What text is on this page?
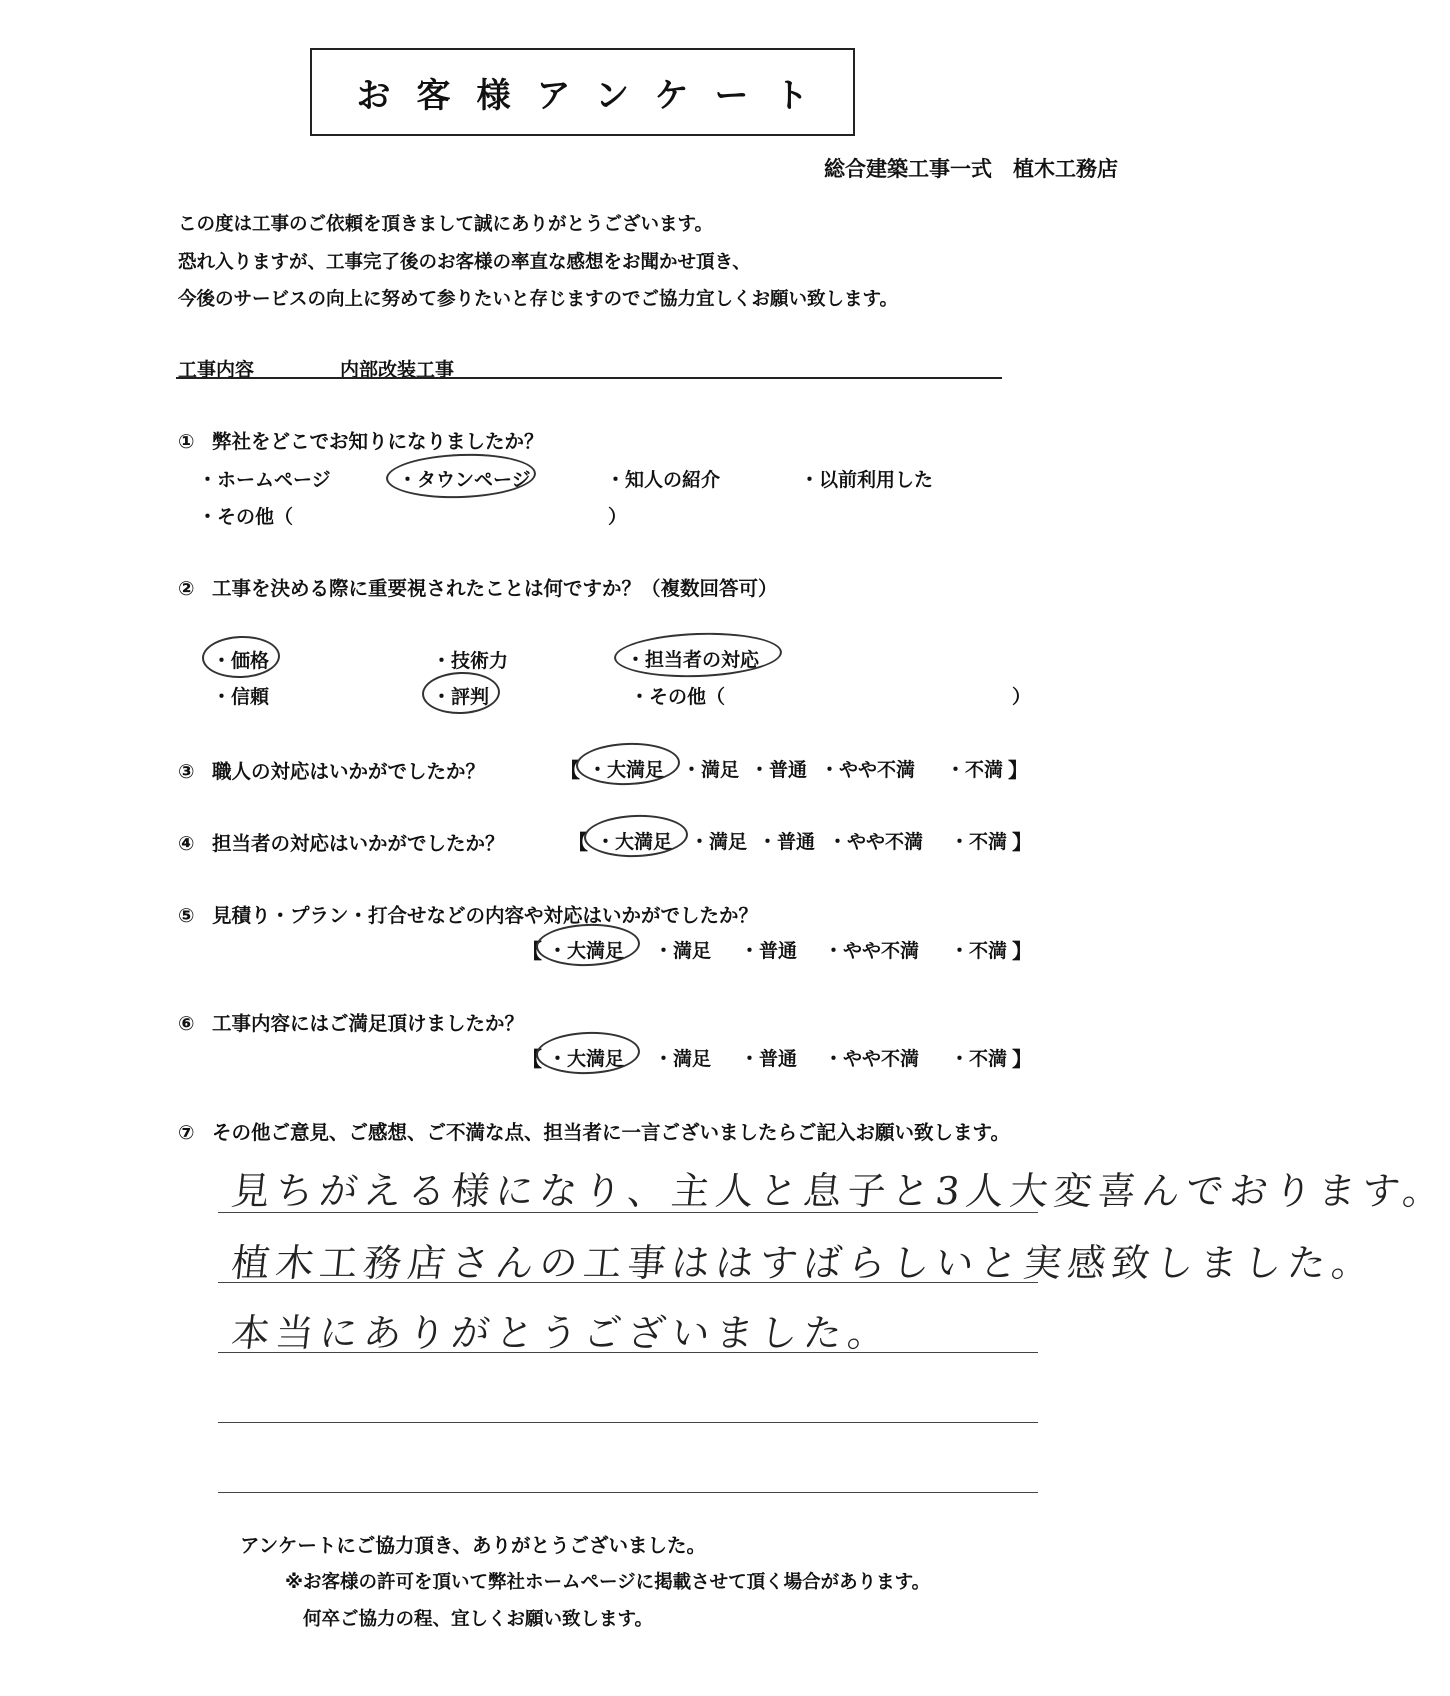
お客様アンケート
総合建築工事一式　植木工務店
この度は工事のご依頼を頂きまして誠にありがとうございます。
恐れ入りますが、工事完了後のお客様の率直な感想をお聞かせ頂き、
今後のサービスの向上に努めて参りたいと存じますのでご協力宜しくお願い致します。
工事内容	内部改装工事
① 弊社をどこでお知りになりましたか？
・ホームページ	・タウンページ	・知人の紹介	・以前利用した
・その他（	）
② 工事を決める際に重要視されたことは何ですか？（複数回答可）
・価格	・技術力	・担当者の対応
・信頼	・評判	・その他（	）
③ 職人の対応はいかがでしたか？	【 ・大満足 ・満足 ・普通 ・やや不満 ・不満 】
④ 担当者の対応はいかがでしたか？	【 ・大満足 ・満足 ・普通 ・やや不満 ・不満 】
⑤ 見積り・プラン・打合せなどの内容や対応はいかがでしたか？
【 ・大満足 ・満足 ・普通 ・やや不満 ・不満 】
⑥ 工事内容にはご満足頂けましたか？
【 ・大満足 ・満足 ・普通 ・やや不満 ・不満 】
⑦ その他ご意見、ご感想、ご不満な点、担当者に一言ございましたらご記入お願い致します。
見ちがえる様になり、主人と息子と3人大変喜んでおります。
植木工務店さんの工事ははすばらしいと実感致しました。
本当にありがとうございました。
アンケートにご協力頂き、ありがとうございました。
※お客様の許可を頂いて弊社ホームページに掲載させて頂く場合があります。
何卒ご協力の程、宜しくお願い致します。
